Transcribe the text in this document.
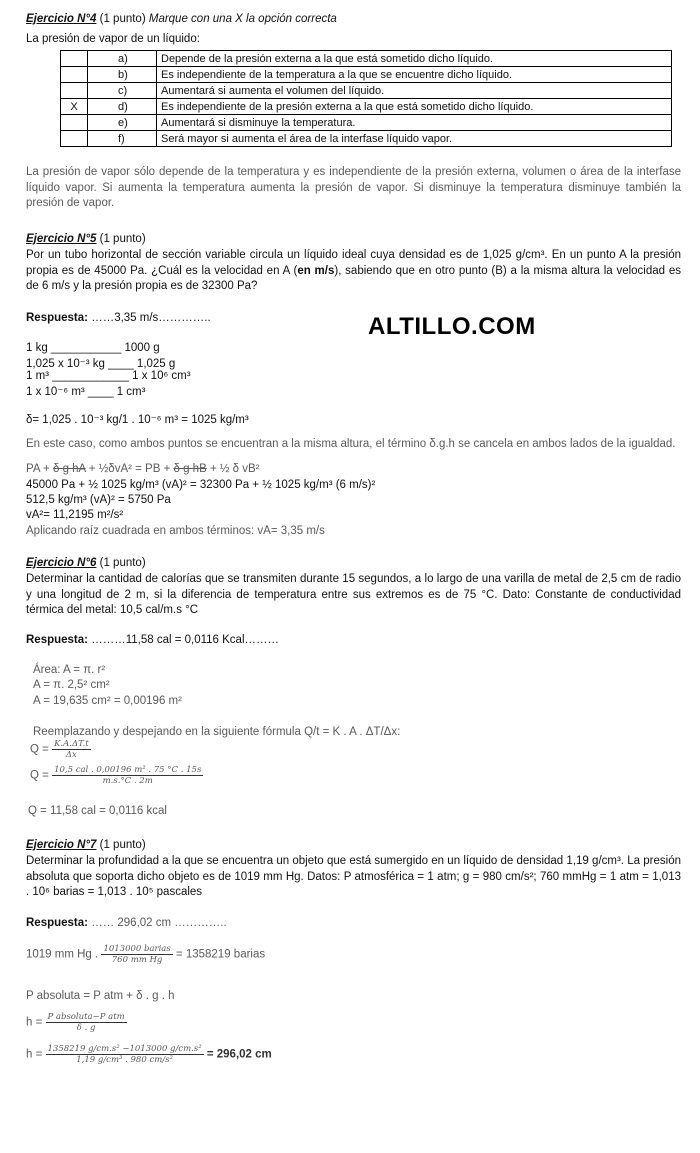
Ejercicio N°4 (1 punto) Marque con una X la opción correcta
La presión de vapor de un líquido:
	a)	Depende de la presión externa a la que está sometido dicho líquido.
	b)	Es independiente de la temperatura a la que se encuentre dicho líquido.
	c)	Aumentará si aumenta el volumen del líquido.
X	d)	Es independiente de la presión externa a la que está sometido dicho líquido.
	e)	Aumentará si disminuye la temperatura.
	f)	Será mayor si aumenta el área de la interfase líquido vapor.
La presión de vapor sólo depende de la temperatura y es independiente de la presión externa, volumen o área de la interfase líquido vapor. Si aumenta la temperatura aumenta la presión de vapor. Si disminuye la temperatura disminuye también la presión de vapor.
Ejercicio N°5 (1 punto)
Por un tubo horizontal de sección variable circula un líquido ideal cuya densidad es de 1,025 g/cm³. En un punto A la presión propia es de 45000 Pa. ¿Cuál es la velocidad en A (en m/s), sabiendo que en otro punto (B) a la misma altura la velocidad es de 6 m/s y la presión propia es de 32300 Pa?
Respuesta: ……3,35 m/s…………..	ALTILLO.COM
1 kg ___________ 1000 g
1,025 x 10⁻³ kg ____ 1,025 g
1 m³ ____________ 1 x 10⁶ cm³
1 x 10⁻⁶ m³ ____ 1 cm³
δ= 1,025 . 10⁻³ kg/1 . 10⁻⁶ m³ = 1025 kg/m³
En este caso, como ambos puntos se encuentran a la misma altura, el término δ.g.h se cancela en ambos lados de la igualdad.
PA + δ g hA + ½δvA² = PB + δ g hB + ½ δ vB²
45000 Pa + ½ 1025 kg/m³ (vA)² = 32300 Pa + ½ 1025 kg/m³ (6 m/s)²
512,5 kg/m³ (vA)² = 5750 Pa
vA²= 11,2195 m²/s²
Aplicando raíz cuadrada en ambos términos: vA= 3,35 m/s
Ejercicio N°6 (1 punto)
Determinar la cantidad de calorías que se transmiten durante 15 segundos, a lo largo de una varilla de metal de 2,5 cm de radio y una longitud de 2 m, si la diferencia de temperatura entre sus extremos es de 75 °C. Dato: Constante de conductividad térmica del metal: 10,5 cal/m.s °C
Respuesta: ………11,58 cal = 0,0116 Kcal………
Área: A = π. r²
A = π. 2,5² cm²
A = 19,635 cm² = 0,00196 m²
Reemplazando y despejando en la siguiente fórmula Q/t = K . A . ΔT/Δx:
$Q = \frac{K.A.\Delta T.t}{\Delta x}$
$Q = \frac{\text{10,5 cal . 0,00196 m² . 75 °C . 15s}}{m.s.^\circ C . 2m}$
Q = 11,58 cal = 0,0116 kcal
Ejercicio N°7 (1 punto)
Determinar la profundidad a la que se encuentra un objeto que está sumergido en un líquido de densidad 1,19 g/cm³. La presión absoluta que soporta dicho objeto es de 1019 mm Hg. Datos: P atmosférica = 1 atm; g = 980 cm/s²; 760 mmHg = 1 atm = 1,013 . 10⁶ barias = 1,013 . 10⁵ pascales
Respuesta: …… 296,02 cm …………..
1019 mm Hg . $\frac{\text{1013000 barias}}{\text{760 mm Hg}} = 1358219$ barias
P absoluta = P atm + δ . g . h
$h = \frac{\text{P absoluta−P atm}}{\delta . g}$
$h = \frac{\text{1358219 g/cm.s² −1013000 g/cm.s²}}{\text{1,19 g/cm³ . 980 cm/s²}} = 296,02$ cm
